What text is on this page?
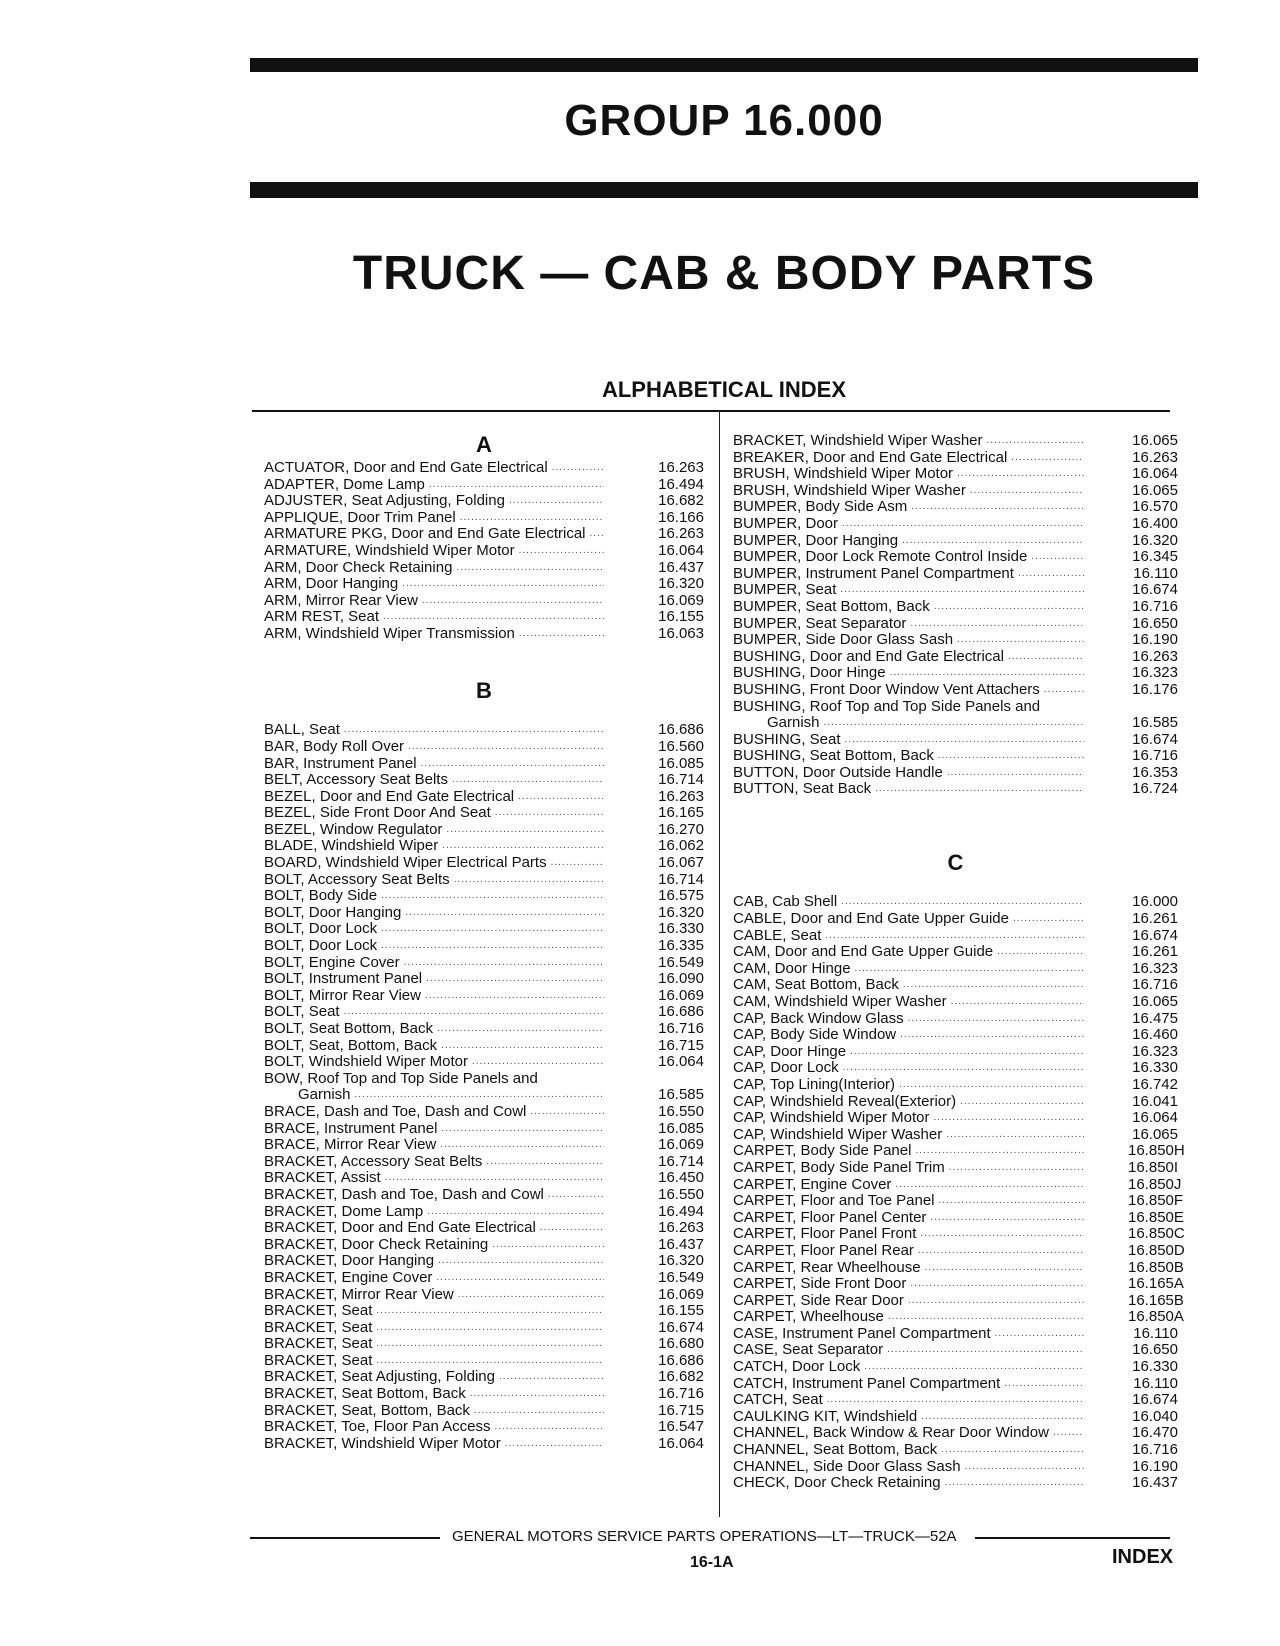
GROUP 16.000
TRUCK — CAB & BODY PARTS
ALPHABETICAL INDEX
A
ACTUATOR, Door and End Gate Electrical .....	16.263
ADAPTER, Dome Lamp .....	16.494
ADJUSTER, Seat Adjusting, Folding .....	16.682
APPLIQUE, Door Trim Panel .....	16.166
ARMATURE PKG, Door and End Gate Electrical .....	16.263
ARMATURE, Windshield Wiper Motor .....	16.064
ARM, Door Check Retaining .....	16.437
ARM, Door Hanging .....	16.320
ARM, Mirror Rear View .....	16.069
ARM REST, Seat .....	16.155
ARM, Windshield Wiper Transmission .....	16.063
B
BALL, Seat .....	16.686
BAR, Body Roll Over .....	16.560
BAR, Instrument Panel .....	16.085
BELT, Accessory Seat Belts .....	16.714
BEZEL, Door and End Gate Electrical .....	16.263
BEZEL, Side Front Door And Seat .....	16.165
BEZEL, Window Regulator .....	16.270
BLADE, Windshield Wiper .....	16.062
BOARD, Windshield Wiper Electrical Parts .....	16.067
BOLT, Accessory Seat Belts .....	16.714
BOLT, Body Side .....	16.575
BOLT, Door Hanging .....	16.320
BOLT, Door Lock .....	16.330
BOLT, Door Lock .....	16.335
BOLT, Engine Cover .....	16.549
BOLT, Instrument Panel .....	16.090
BOLT, Mirror Rear View .....	16.069
BOLT, Seat .....	16.686
BOLT, Seat Bottom, Back .....	16.716
BOLT, Seat, Bottom, Back .....	16.715
BOLT, Windshield Wiper Motor .....	16.064
BOW, Roof Top and Top Side Panels and
Garnish .....	16.585
BRACE, Dash and Toe, Dash and Cowl .....	16.550
BRACE, Instrument Panel .....	16.085
BRACE, Mirror Rear View .....	16.069
BRACKET, Accessory Seat Belts .....	16.714
BRACKET, Assist .....	16.450
BRACKET, Dash and Toe, Dash and Cowl .....	16.550
BRACKET, Dome Lamp .....	16.494
BRACKET, Door and End Gate Electrical .....	16.263
BRACKET, Door Check Retaining .....	16.437
BRACKET, Door Hanging .....	16.320
BRACKET, Engine Cover .....	16.549
BRACKET, Mirror Rear View .....	16.069
BRACKET, Seat .....	16.155
BRACKET, Seat .....	16.674
BRACKET, Seat .....	16.680
BRACKET, Seat .....	16.686
BRACKET, Seat Adjusting, Folding .....	16.682
BRACKET, Seat Bottom, Back .....	16.716
BRACKET, Seat, Bottom, Back .....	16.715
BRACKET, Toe, Floor Pan Access .....	16.547
BRACKET, Windshield Wiper Motor .....	16.064
BRACKET, Windshield Wiper Washer .....	16.065
BREAKER, Door and End Gate Electrical .....	16.263
BRUSH, Windshield Wiper Motor .....	16.064
BRUSH, Windshield Wiper Washer .....	16.065
BUMPER, Body Side Asm .....	16.570
BUMPER, Door .....	16.400
BUMPER, Door Hanging .....	16.320
BUMPER, Door Lock Remote Control Inside .....	16.345
BUMPER, Instrument Panel Compartment .....	16.110
BUMPER, Seat .....	16.674
BUMPER, Seat Bottom, Back .....	16.716
BUMPER, Seat Separator .....	16.650
BUMPER, Side Door Glass Sash .....	16.190
BUSHING, Door and End Gate Electrical .....	16.263
BUSHING, Door Hinge .....	16.323
BUSHING, Front Door Window Vent Attachers .....	16.176
BUSHING, Roof Top and Top Side Panels and
Garnish .....	16.585
BUSHING, Seat .....	16.674
BUSHING, Seat Bottom, Back .....	16.716
BUTTON, Door Outside Handle .....	16.353
BUTTON, Seat Back .....	16.724
C
CAB, Cab Shell .....	16.000
CABLE, Door and End Gate Upper Guide .....	16.261
CABLE, Seat .....	16.674
CAM, Door and End Gate Upper Guide .....	16.261
CAM, Door Hinge .....	16.323
CAM, Seat Bottom, Back .....	16.716
CAM, Windshield Wiper Washer .....	16.065
CAP, Back Window Glass .....	16.475
CAP, Body Side Window .....	16.460
CAP, Door Hinge .....	16.323
CAP, Door Lock .....	16.330
CAP, Top Lining(Interior) .....	16.742
CAP, Windshield Reveal(Exterior) .....	16.041
CAP, Windshield Wiper Motor .....	16.064
CAP, Windshield Wiper Washer .....	16.065
CARPET, Body Side Panel .....	16.850H
CARPET, Body Side Panel Trim .....	16.850I
CARPET, Engine Cover .....	16.850J
CARPET, Floor and Toe Panel .....	16.850F
CARPET, Floor Panel Center .....	16.850E
CARPET, Floor Panel Front .....	16.850C
CARPET, Floor Panel Rear .....	16.850D
CARPET, Rear Wheelhouse .....	16.850B
CARPET, Side Front Door .....	16.165A
CARPET, Side Rear Door .....	16.165B
CARPET, Wheelhouse .....	16.850A
CASE, Instrument Panel Compartment .....	16.110
CASE, Seat Separator .....	16.650
CATCH, Door Lock .....	16.330
CATCH, Instrument Panel Compartment .....	16.110
CATCH, Seat .....	16.674
CAULKING KIT, Windshield .....	16.040
CHANNEL, Back Window & Rear Door Window .....	16.470
CHANNEL, Seat Bottom, Back .....	16.716
CHANNEL, Side Door Glass Sash .....	16.190
CHECK, Door Check Retaining .....	16.437
GENERAL MOTORS SERVICE PARTS OPERATIONS—LT—TRUCK—52A
16-1A	INDEX
